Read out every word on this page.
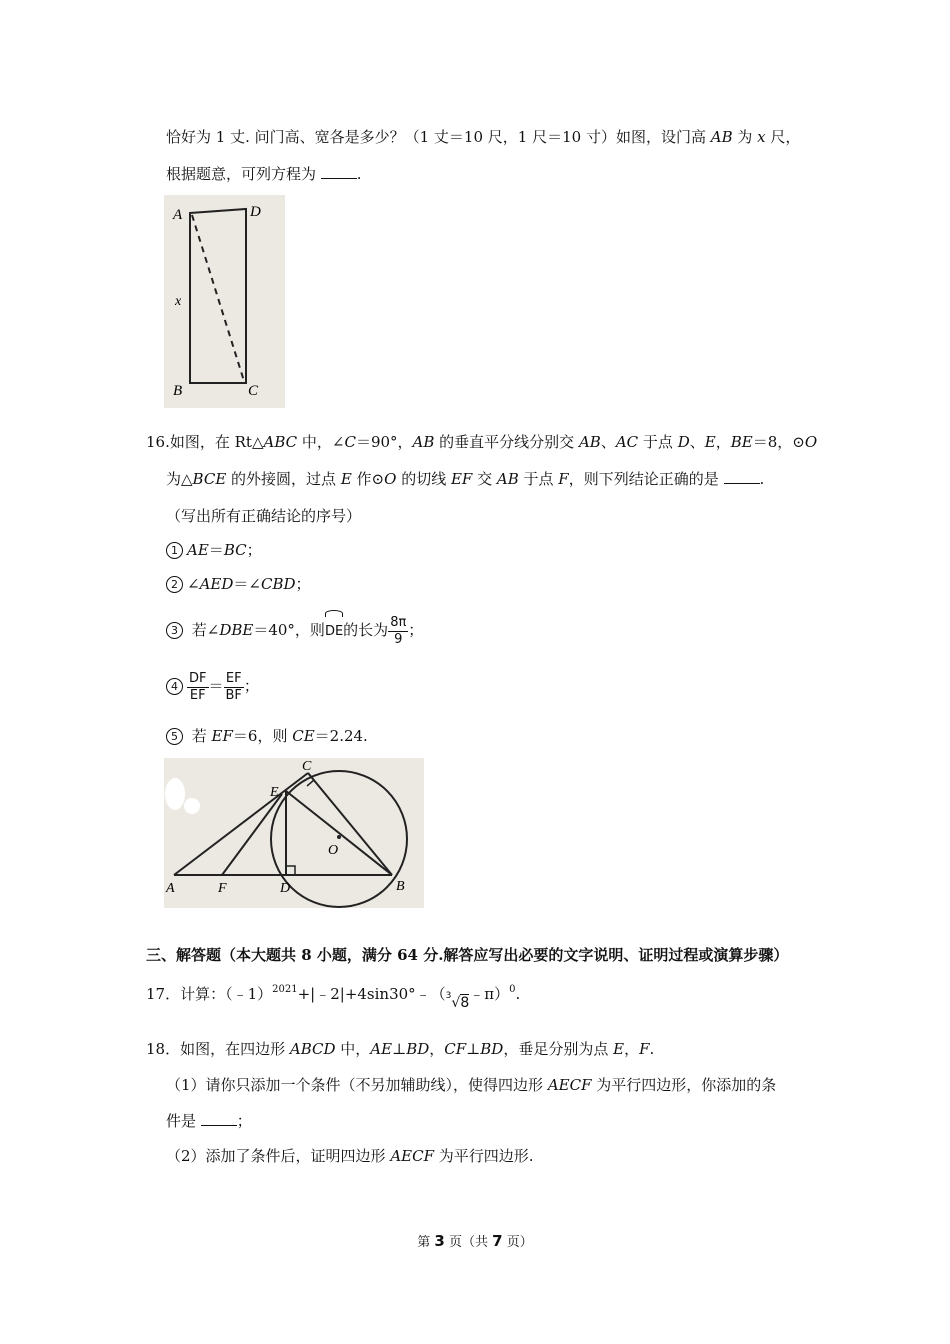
恰好为 1 丈. 问门高、宽各是多少？（1 丈＝10 尺，1 尺＝10 寸）如图，设门高 AB 为 x 尺，
根据题意，可列方程为	.
A	D
x
B	C
16.如图，在 Rt△ABC 中，∠C＝90°，AB 的垂直平分线分别交 AB、AC 于点 D、E，BE＝8，⊙O
为△BCE 的外接圆，过点 E 作⊙O 的切线 EF 交 AB 于点 F，则下列结论正确的是	.
（写出所有正确结论的序号）
1 AE＝BC；
2 ∠AED＝∠CBD；
3 若∠DBE＝40°，则DE的长为 $\frac{8\pi}{9}$ ；
$4 \frac{DF}{EF} = \frac{EF}{BF}$ ；
5 若 EF＝6，则 CE＝2.24.
C
E
O
A	F	D	B
三、解答题（本大题共 8 小题，满分 64 分.解答应写出必要的文字说明、证明过程或演算步骤）
17．计算：（﹣1）$^{2021}$+|﹣2|+4sin30°﹣（$^3$√8﹣π）$^0$.
18．如图，在四边形 ABCD 中，AE⊥BD，CF⊥BD，垂足分别为点 E，F.
（1）请你只添加一个条件（不另加辅助线），使得四边形 AECF 为平行四边形，你添加的条
件是	；
（2）添加了条件后，证明四边形 AECF 为平行四边形.
第 3 页（共 7 页）
